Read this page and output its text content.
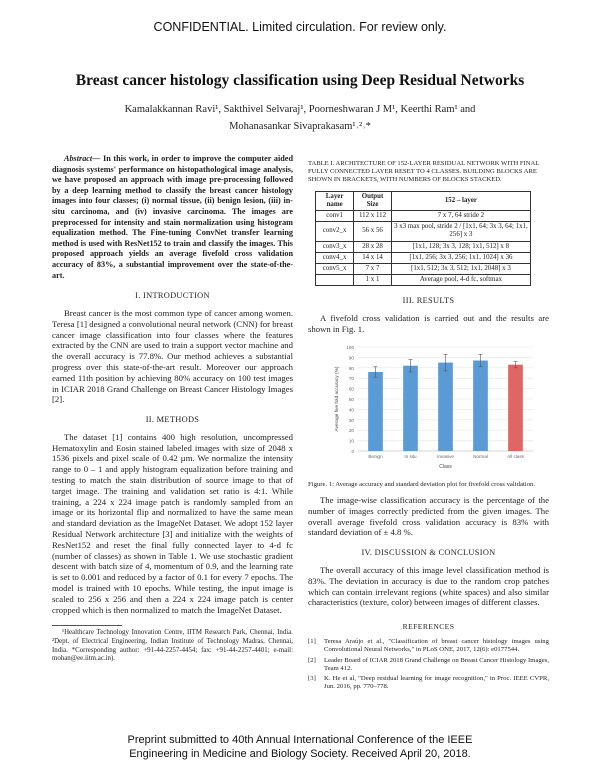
CONFIDENTIAL. Limited circulation. For review only.
Breast cancer histology classification using Deep Residual Networks
Kamalakkannan Ravi¹, Sakthivel Selvaraj¹, Poorneshwaran J M¹, Keerthi Ram¹ and
Mohanasankar Sivaprakasam¹˒²˒*

Abstract— In this work, in order to improve the computer aided diagnosis systems' performance on histopathological image analysis, we have proposed an approach with image pre-processing followed by a deep learning method to classify the breast cancer histology images into four classes; (i) normal tissue, (ii) benign lesion, (iii) in-situ carcinoma, and (iv) invasive carcinoma. The images are preprocessed for intensity and stain normalization using histogram equalization method. The Fine-tuning ConvNet transfer learning method is used with ResNet152 to train and classify the images. This proposed approach yields an average fivefold cross validation accuracy of 83%, a substantial improvement over the state-of-the-art.

I. INTRODUCTION

Breast cancer is the most common type of cancer among women. Teresa [1] designed a convolutional neural network (CNN) for breast cancer image classification into four classes where the features extracted by the CNN are used to train a support vector machine and the overall accuracy is 77.8%. Our method achieves a substantial progress over this state-of-the-art result. Moreover our approach earned 11th position by achieving 80% accuracy on 100 test images in ICIAR 2018 Grand Challenge on Breast Cancer Histology Images [2].

II. METHODS

The dataset [1] contains 400 high resolution, uncompressed Hematoxylin and Eosin stained labeled images with size of 2048 x 1536 pixels and pixel scale of 0.42 µm. We normalize the intensity range to 0 – 1 and apply histogram equalization before training and testing to match the stain distribution of source image to that of target image. The training and validation set ratio is 4:1. While training, a 224 x 224 image patch is randomly sampled from an image or its horizontal flip and normalized to have the same mean and standard deviation as the ImageNet Dataset. We adopt 152 layer Residual Network architecture [3] and initialize with the weights of ResNet152 and reset the final fully connected layer to 4-d fc (number of classes) as shown in Table 1. We use stochastic gradient descent with batch size of 4, momentum of 0.9, and the learning rate is set to 0.001 and reduced by a factor of 0.1 for every 7 epochs. The model is trained with 10 epochs. While testing, the input image is scaled to 256 x 256 and then a 224 x 224 image patch is center cropped which is then normalized to match the ImageNet Dataset.

¹Healthcare Technology Innovation Centre, IITM Research Park, Chennai, India. ²Dept. of Electrical Engineering, Indian Institute of Technology Madras, Chennai, India. *Corresponding author: +91-44-2257-4454; fax: +91-44-2257-4401; e-mail: mohan@ee.iitm.ac.in).

TABLE I. ARCHITECTURE OF 152-LAYER RESIDUAL NETWORK WITH FINAL FULLY CONNECTED LAYER RESET TO 4 CLASSES. BUILDING BLOCKS ARE SHOWN IN BRACKETS, WITH NUMBERS OF BLOCKS STACKED.

Layer name	Output Size	152 – layer
conv1	112 x 112	7 x 7, 64 stride 2
conv2_x	56 x 56	3 x3 max pool, stride 2 / [1x1, 64; 3x 3, 64; 1x1, 256] x 3
conv3_x	28 x 28	[1x1, 128; 3x 3, 128; 1x1, 512] x 8
conv4_x	14 x 14	[1x1, 256; 3x 3, 256; 1x1, 1024] x 36
conv5_x	7 x 7	[1x1, 512; 3x 3, 512; 1x1, 2048] x 3
	1 x 1	Average pool, 4-d fc, softmax
III. RESULTS

A fivefold cross validation is carried out and the results are shown in Fig. 1.

0
10
20
30
40
50
60
70
80
90
100
Benign	In situ	Invasive	Normal	All class
Class
Average five fold accuracy (%)

Figure. 1: Average accuracy and standard deviation plot for fivefold cross validation.

The image-wise classification accuracy is the percentage of the number of images correctly predicted from the given images. The overall average fivefold cross validation accuracy is 83% with standard deviation of ± 4.8 %.

IV. DISCUSSION & CONCLUSION

The overall accuracy of this image level classification method is 83%. The deviation in accuracy is due to the random crop patches which can contain irrelevant regions (white spaces) and also similar characteristics (texture, color) between images of different classes.

REFERENCES
[1]	Teresa Araújo et al., "Classification of breast cancer histology images using Convolutional Neural Networks," in PLoS ONE, 2017, 12(6): e0177544.
[2]	Leader Board of ICIAR 2018 Grand Challenge on Breast Cancer Histology Images, Team 412.
[3]	K. He et al, "Deep residual learning for image recognition," in Proc. IEEE CVPR, Jun. 2016, pp. 770–778.
Preprint submitted to 40th Annual International Conference of the IEEE
Engineering in Medicine and Biology Society. Received April 20, 2018.
